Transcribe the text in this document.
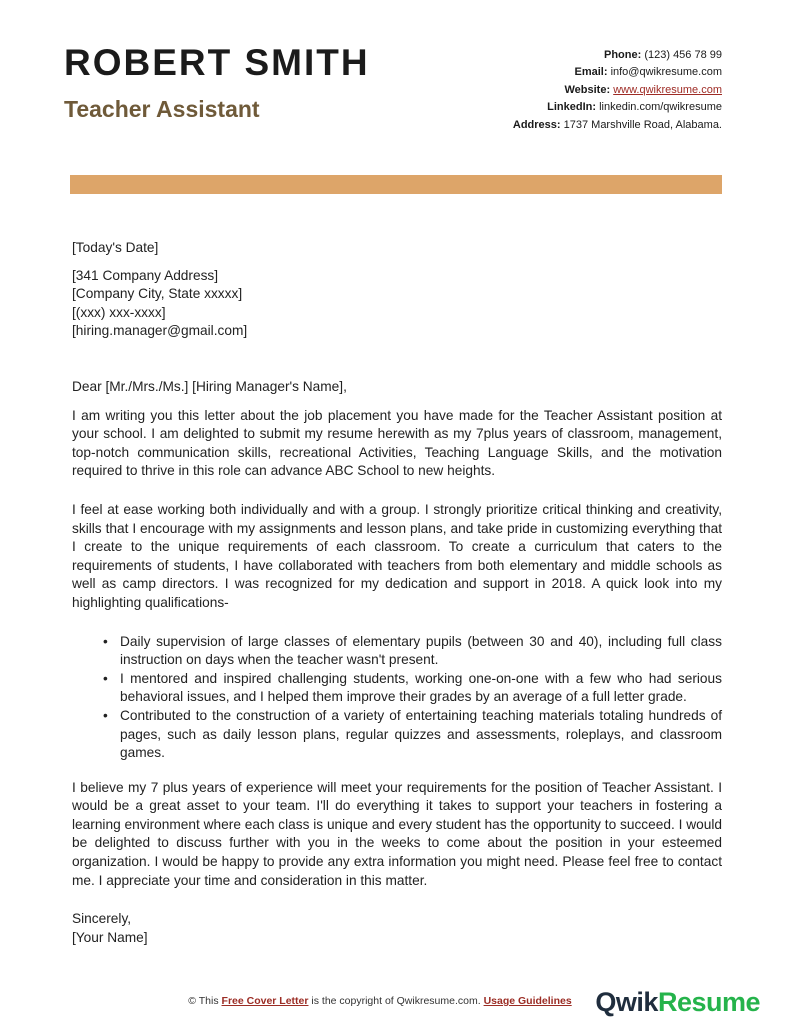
ROBERT SMITH
Teacher Assistant
Phone: (123) 456 78 99
Email: info@qwikresume.com
Website: www.qwikresume.com
LinkedIn: linkedin.com/qwikresume
Address: 1737 Marshville Road, Alabama.
[Today's Date]
[341 Company Address]
[Company City, State xxxxx]
[(xxx) xxx-xxxx]
[hiring.manager@gmail.com]
Dear [Mr./Mrs./Ms.] [Hiring Manager's Name],

I am writing you this letter about the job placement you have made for the Teacher Assistant position at your school. I am delighted to submit my resume herewith as my 7plus years of classroom, management, top-notch communication skills, recreational Activities, Teaching Language Skills, and the motivation required to thrive in this role can advance ABC School to new heights.

I feel at ease working both individually and with a group. I strongly prioritize critical thinking and creativity, skills that I encourage with my assignments and lesson plans, and take pride in customizing everything that I create to the unique requirements of each classroom. To create a curriculum that caters to the requirements of students, I have collaborated with teachers from both elementary and middle schools as well as camp directors. I was recognized for my dedication and support in 2018. A quick look into my highlighting qualifications-

• Daily supervision of large classes of elementary pupils (between 30 and 40), including full class instruction on days when the teacher wasn't present.
• I mentored and inspired challenging students, working one-on-one with a few who had serious behavioral issues, and I helped them improve their grades by an average of a full letter grade.
• Contributed to the construction of a variety of entertaining teaching materials totaling hundreds of pages, such as daily lesson plans, regular quizzes and assessments, roleplays, and classroom games.

I believe my 7 plus years of experience will meet your requirements for the position of Teacher Assistant. I would be a great asset to your team. I'll do everything it takes to support your teachers in fostering a learning environment where each class is unique and every student has the opportunity to succeed. I would be delighted to discuss further with you in the weeks to come about the position in your esteemed organization. I would be happy to provide any extra information you might need. Please feel free to contact me. I appreciate your time and consideration in this matter.

Sincerely,
[Your Name]
© This Free Cover Letter is the copyright of Qwikresume.com. Usage Guidelines QwikResume
